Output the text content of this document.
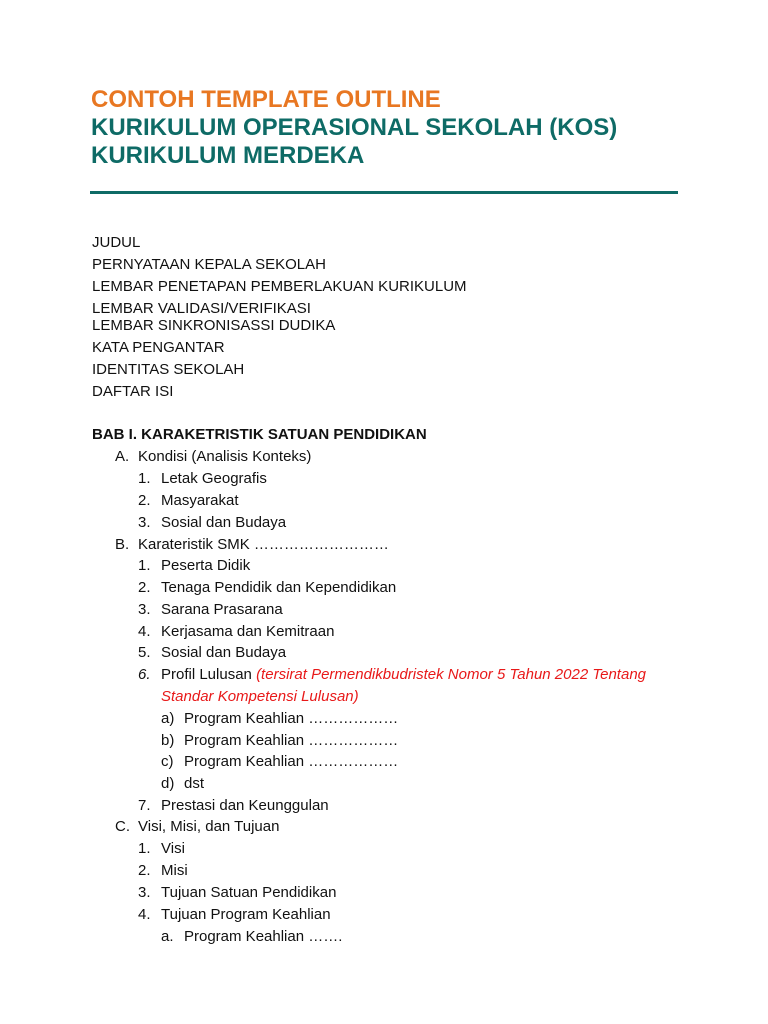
CONTOH TEMPLATE OUTLINE
KURIKULUM OPERASIONAL SEKOLAH (KOS)
KURIKULUM MERDEKA
JUDUL
PERNYATAAN KEPALA SEKOLAH
LEMBAR PENETAPAN PEMBERLAKUAN KURIKULUM
LEMBAR VALIDASI/VERIFIKASI
LEMBAR SINKRONISASSI DUDIKA
KATA PENGANTAR
IDENTITAS SEKOLAH
DAFTAR ISI
BAB I. KARAKETRISTIK SATUAN PENDIDIKAN
A. Kondisi (Analisis Konteks)
1. Letak Geografis
2. Masyarakat
3. Sosial dan Budaya
B. Karateristik SMK ………………………
1. Peserta Didik
2. Tenaga Pendidik dan Kependidikan
3. Sarana Prasarana
4. Kerjasama dan Kemitraan
5. Sosial dan Budaya
6. Profil Lulusan (tersirat Permendikbudristek Nomor 5 Tahun 2022 Tentang
Standar Kompetensi Lulusan)
a) Program Keahlian ………………
b) Program Keahlian ………………
c) Program Keahlian ………………
d) dst
7. Prestasi dan Keunggulan
C. Visi, Misi, dan Tujuan
1. Visi
2. Misi
3. Tujuan Satuan Pendidikan
4. Tujuan Program Keahlian
a. Program Keahlian …….
